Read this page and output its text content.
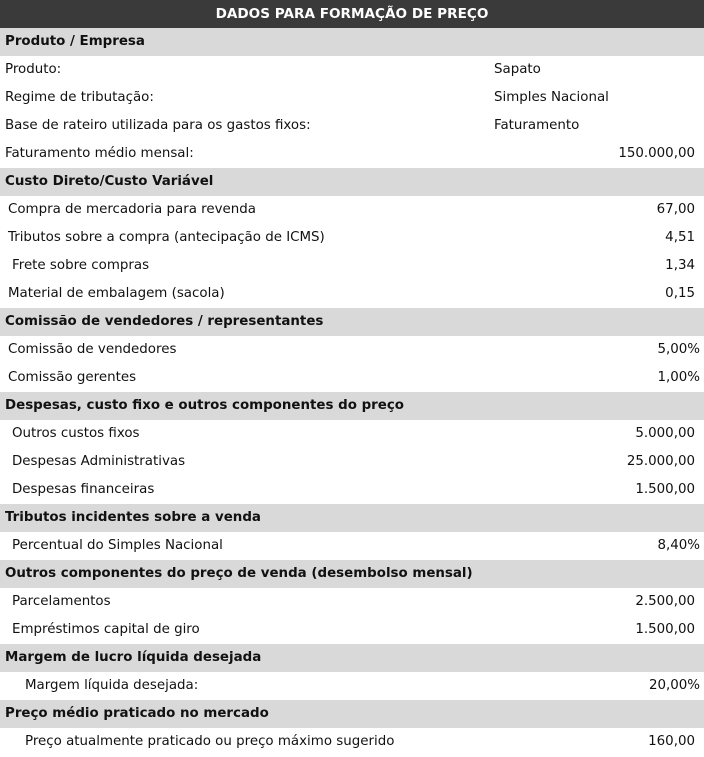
DADOS PARA FORMAÇÃO DE PREÇO
Produto / Empresa
Produto:	Sapato
Regime de tributação:	Simples Nacional
Base de rateiro utilizada para os gastos fixos:	Faturamento
Faturamento médio mensal:	150.000,00
Custo Direto/Custo Variável
Compra de mercadoria para revenda	67,00
Tributos sobre a compra (antecipação de ICMS)	4,51
Frete sobre compras	1,34
Material de embalagem (sacola)	0,15
Comissão de vendedores / representantes
Comissão de vendedores	5,00%
Comissão gerentes	1,00%
Despesas, custo fixo e outros componentes do preço
Outros custos fixos	5.000,00
Despesas Administrativas	25.000,00
Despesas financeiras	1.500,00
Tributos incidentes sobre a venda
Percentual do Simples Nacional	8,40%
Outros componentes do preço de venda (desembolso mensal)
Parcelamentos	2.500,00
Empréstimos capital de giro	1.500,00
Margem de lucro líquida desejada
Margem líquida desejada:	20,00%
Preço médio praticado no mercado
Preço atualmente praticado ou preço máximo sugerido	160,00
